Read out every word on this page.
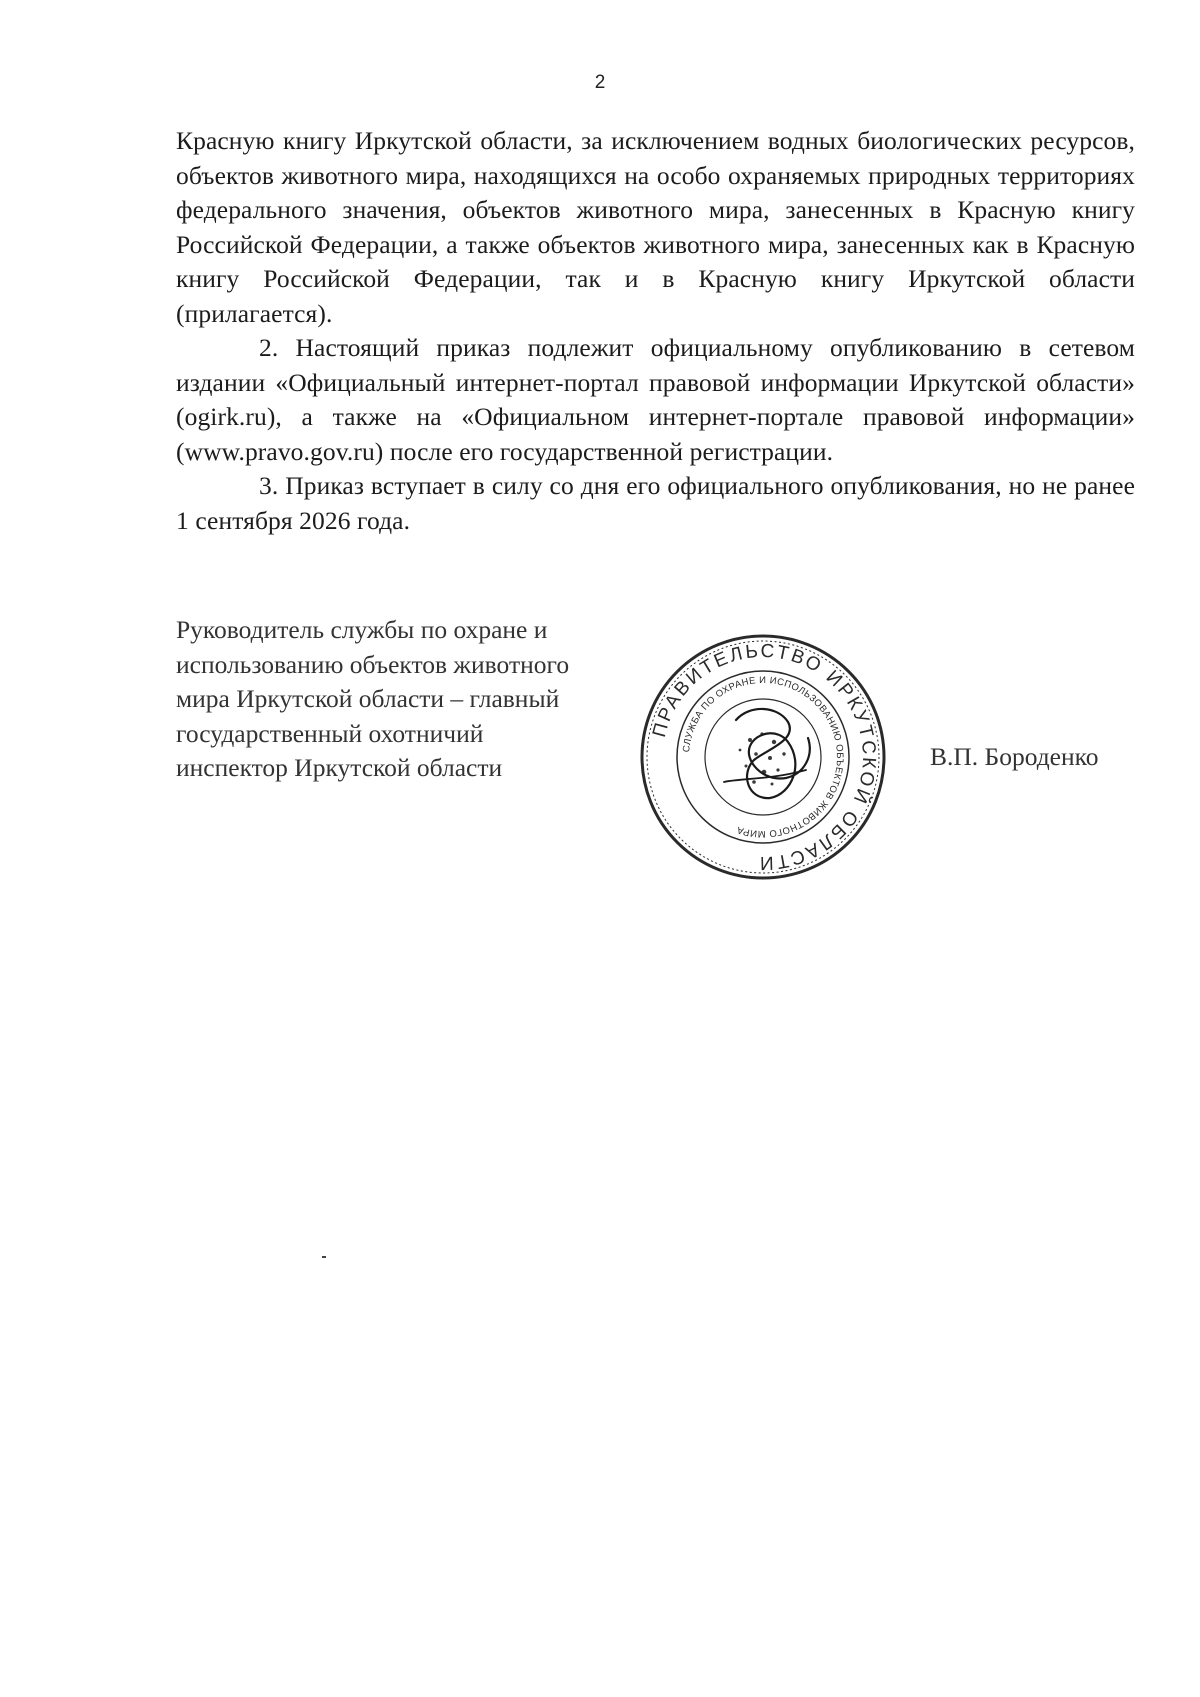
2

Красную книгу Иркутской области, за исключением водных биологических ресурсов, объектов животного мира, находящихся на особо охраняемых природных территориях федерального значения, объектов животного мира, занесенных в Красную книгу Российской Федерации, а также объектов животного мира, занесенных как в Красную книгу Российской Федерации, так и в Красную книгу Иркутской области (прилагается).

2. Настоящий приказ подлежит официальному опубликованию в сетевом издании «Официальный интернет-портал правовой информации Иркутской области» (ogirk.ru), а также на «Официальном интернет-портале правовой информации» (www.pravo.gov.ru) после его государственной регистрации.

3. Приказ вступает в силу со дня его официального опубликования, но не ранее 1 сентября 2026 года.

Руководитель службы по охране и
использованию объектов животного
мира Иркутской области – главный
государственный охотничий
инспектор Иркутской области
ПРАВИТЕЛЬСТВО ИРКУТСКОЙ ОБЛАСТИ
СЛУЖБА ПО ОХРАНЕ И ИСПОЛЬЗОВАНИЮ ОБЪЕКТОВ ЖИВОТНОГО МИРА
В.П. Бороденко
